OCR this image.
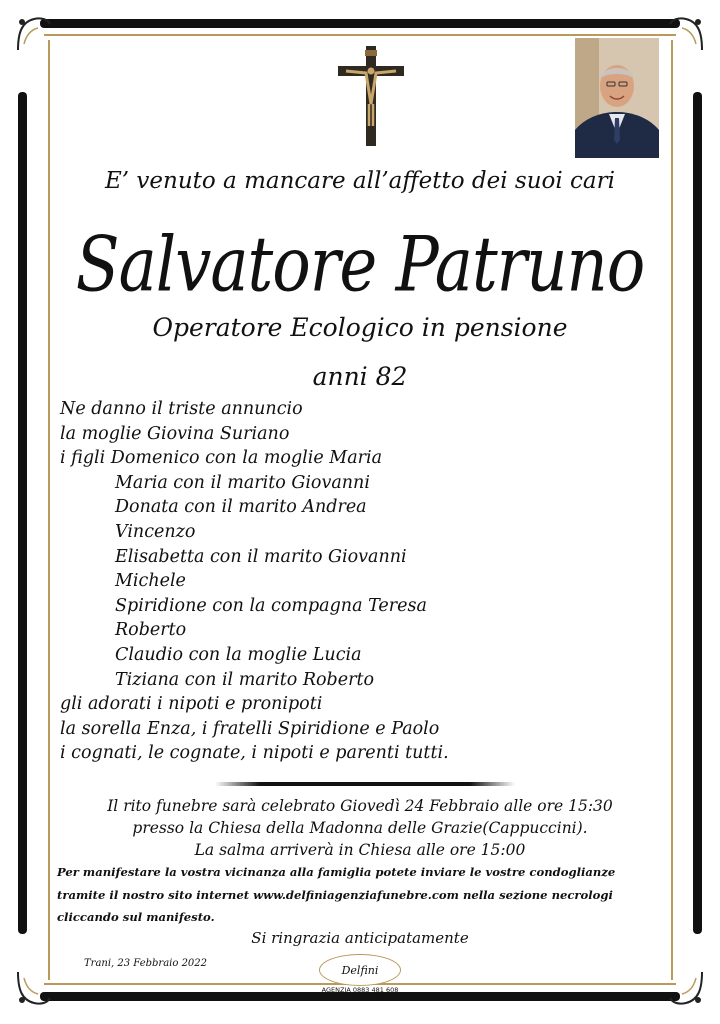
E’ venuto a mancare all’affetto dei suoi cari
Salvatore Patruno
Operatore Ecologico in pensione
anni 82
Ne danno il triste annuncio
la moglie Giovina Suriano
i figli Domenico con la moglie Maria
Maria con il marito Giovanni
Donata con il marito Andrea
Vincenzo
Elisabetta con il marito Giovanni
Michele
Spiridione con la compagna Teresa
Roberto
Claudio con la moglie Lucia
Tiziana con il marito Roberto
gli adorati i nipoti e pronipoti
la sorella Enza, i fratelli Spiridione e Paolo
i cognati, le cognate, i nipoti e parenti tutti.
Il rito funebre sarà celebrato Giovedì 24 Febbraio alle ore 15:30
presso la Chiesa della Madonna delle Grazie(Cappuccini).
La salma arriverà in Chiesa alle ore 15:00
Per manifestare la vostra vicinanza alla famiglia potete inviare le vostre condoglianze
tramite il nostro sito internet www.delfiniagenziafunebre.com nella sezione necrologi
cliccando sul manifesto.
Si ringrazia anticipatamente
Trani, 23 Febbraio 2022	Delfini
AGENZIA 0883 481 608
CELL. 340 282 6772
